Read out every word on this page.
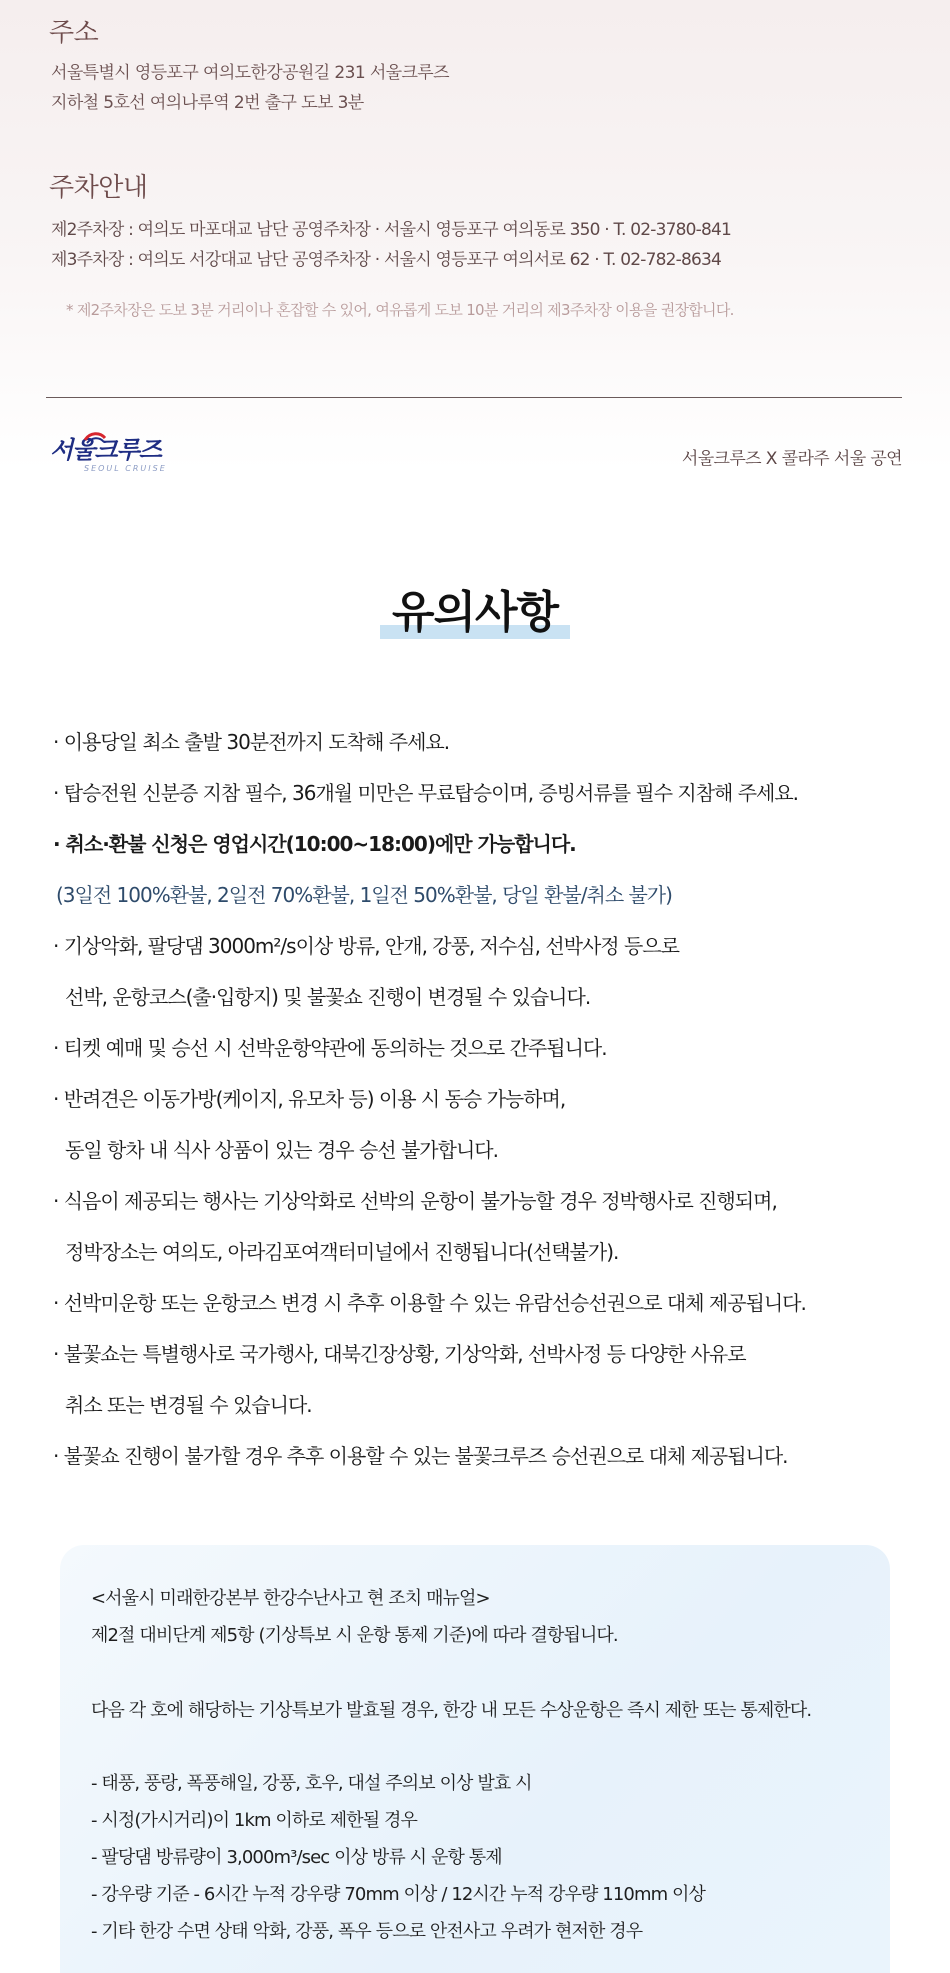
주소
서울특별시 영등포구 여의도한강공원길 231 서울크루즈
지하철 5호선 여의나루역 2번 출구 도보 3분
주차안내
제2주차장 : 여의도 마포대교 남단 공영주차장 · 서울시 영등포구 여의동로 350 · T. 02-3780-841
제3주차장 : 여의도 서강대교 남단 공영주차장 · 서울시 영등포구 여의서로 62 · T. 02-782-8634
* 제2주차장은 도보 3분 거리이나 혼잡할 수 있어, 여유롭게 도보 10분 거리의 제3주차장 이용을 권장합니다.
서울크루즈
SEOUL CRUISE	서울크루즈 X 콜라주 서울 공연
유의사항
· 이용당일 최소 출발 30분전까지 도착해 주세요.
· 탑승전원 신분증 지참 필수, 36개월 미만은 무료탑승이며, 증빙서류를 필수 지참해 주세요.
· 취소·환불 신청은 영업시간(10:00~18:00)에만 가능합니다.
(3일전 100%환불, 2일전 70%환불, 1일전 50%환불, 당일 환불/취소 불가)
· 기상악화, 팔당댐 3000m²/s이상 방류, 안개, 강풍, 저수심, 선박사정 등으로
선박, 운항코스(출·입항지) 및 불꽃쇼 진행이 변경될 수 있습니다.
· 티켓 예매 및 승선 시 선박운항약관에 동의하는 것으로 간주됩니다.
· 반려견은 이동가방(케이지, 유모차 등) 이용 시 동승 가능하며,
동일 항차 내 식사 상품이 있는 경우 승선 불가합니다.
· 식음이 제공되는 행사는 기상악화로 선박의 운항이 불가능할 경우 정박행사로 진행되며,
정박장소는 여의도, 아라김포여객터미널에서 진행됩니다(선택불가).
· 선박미운항 또는 운항코스 변경 시 추후 이용할 수 있는 유람선승선권으로 대체 제공됩니다.
· 불꽃쇼는 특별행사로 국가행사, 대북긴장상황, 기상악화, 선박사정 등 다양한 사유로
취소 또는 변경될 수 있습니다.
· 불꽃쇼 진행이 불가할 경우 추후 이용할 수 있는 불꽃크루즈 승선권으로 대체 제공됩니다.
<서울시 미래한강본부 한강수난사고 현 조치 매뉴얼>
제2절 대비단계 제5항 (기상특보 시 운항 통제 기준)에 따라 결항됩니다.
다음 각 호에 해당하는 기상특보가 발효될 경우, 한강 내 모든 수상운항은 즉시 제한 또는 통제한다.
- 태풍, 풍랑, 폭풍해일, 강풍, 호우, 대설 주의보 이상 발효 시
- 시정(가시거리)이 1km 이하로 제한될 경우
- 팔당댐 방류량이 3,000m³/sec 이상 방류 시 운항 통제
- 강우량 기준 - 6시간 누적 강우량 70mm 이상 / 12시간 누적 강우량 110mm 이상
- 기타 한강 수면 상태 악화, 강풍, 폭우 등으로 안전사고 우려가 현저한 경우
